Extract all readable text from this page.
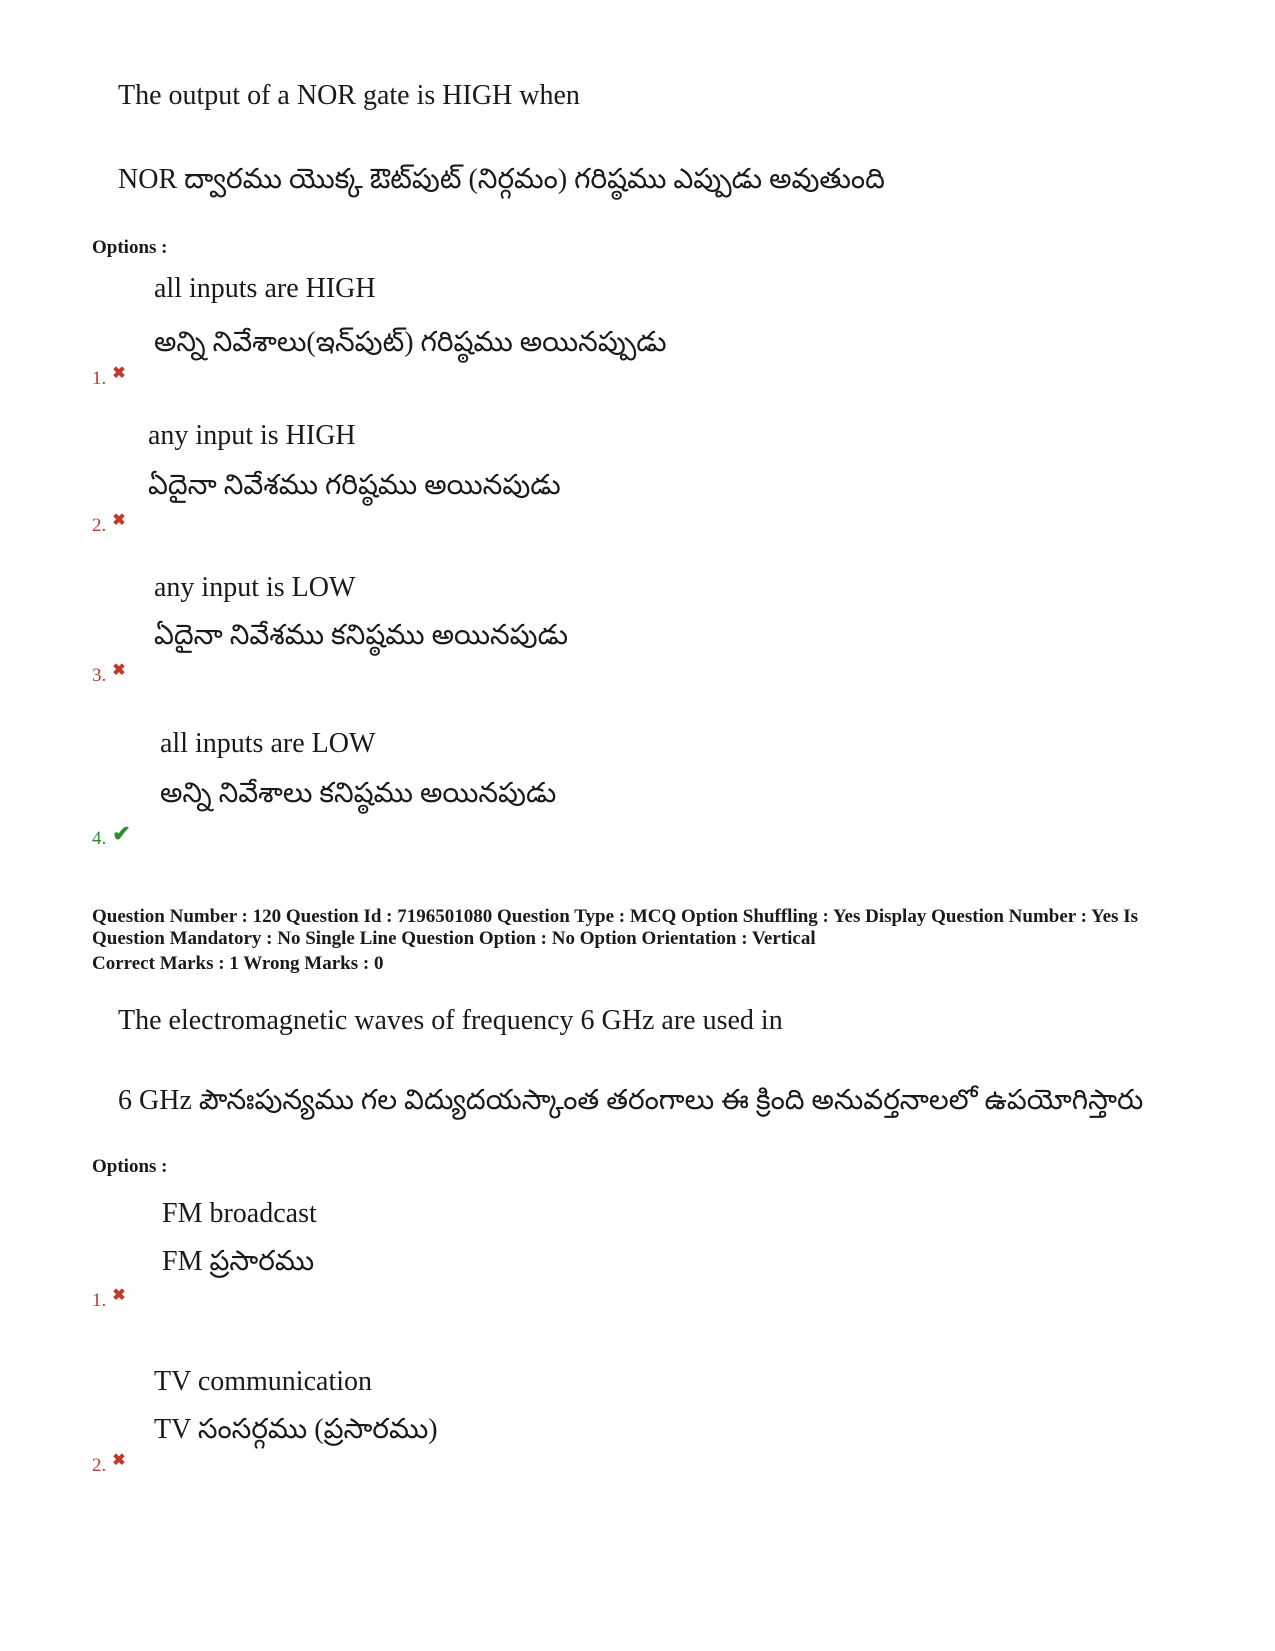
The output of a NOR gate is HIGH when
NOR ద్వారము యొక్క ఔట్‌పుట్ (నిర్గమం) గరిష్ఠము ఎప్పుడు అవుతుంది
Options :
all inputs are HIGH
అన్ని నివేశాలు(ఇన్‌పుట్) గరిష్ఠము అయినప్పుడు
1. ✖
any input is HIGH
ఏదైనా నివేశము గరిష్ఠము అయినపుడు
2. ✖
any input is LOW
ఏదైనా నివేశము కనిష్ఠము అయినపుడు
3. ✖
all inputs are LOW
అన్ని నివేశాలు కనిష్ఠము అయినపుడు
4. ✔
Question Number : 120 Question Id : 7196501080 Question Type : MCQ Option Shuffling : Yes Display Question Number : Yes Is
Question Mandatory : No Single Line Question Option : No Option Orientation : Vertical
Correct Marks : 1 Wrong Marks : 0
The electromagnetic waves of frequency 6 GHz are used in
6 GHz పౌనఃపున్యము గల విద్యుదయస్కాంత తరంగాలు ఈ క్రింది అనువర్తనాలలో ఉపయోగిస్తారు
Options :
FM broadcast
FM ప్రసారము
1. ✖
TV communication
TV సంసర్గము (ప్రసారము)
2. ✖
